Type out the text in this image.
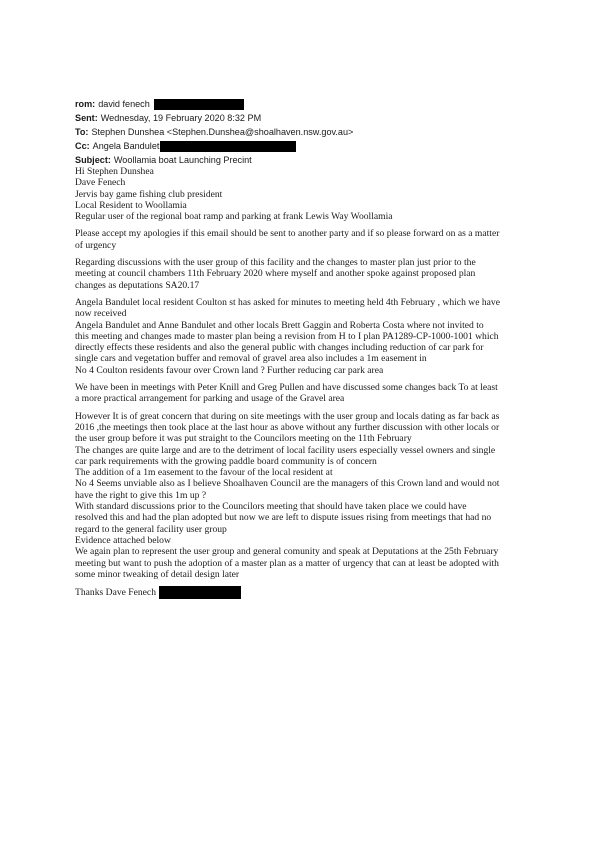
rom: david fenech
Sent: Wednesday, 19 February 2020 8:32 PM
To: Stephen Dunshea <Stephen.Dunshea@shoalhaven.nsw.gov.au>
Cc: Angela Bandulet
Subject: Woollamia boat Launching Precint
Hi Stephen Dunshea
Dave Fenech
Jervis bay game fishing club president
Local Resident to Woollamia
Regular user of the regional boat ramp and parking at frank Lewis Way Woollamia
Please accept my apologies if this email should be sent to another party and if so please forward on as a matter
of urgency
Regarding discussions with the user group of this facility and the changes to master plan just prior to the
meeting at council chambers 11th February 2020 where myself and another spoke against proposed plan
changes as deputations SA20.17
Angela Bandulet local resident Coulton st has asked for minutes to meeting held 4th February , which we have
now received
Angela Bandulet and Anne Bandulet and other locals Brett Gaggin and Roberta Costa where not invited to
this meeting and changes made to master plan being a revision from H to I plan PA1289-CP-1000-1001 which
directly effects these residents and also the general public with changes including reduction of car park for
single cars and vegetation buffer and removal of gravel area also includes a 1m easement in
No 4 Coulton residents favour over Crown land ? Further reducing car park area
We have been in meetings with Peter Knill and Greg Pullen and have discussed some changes back To at least
a more practical arrangement for parking and usage of the Gravel area
However It is of great concern that during on site meetings with the user group and locals dating as far back as
2016 ,the meetings then took place at the last hour as above without any further discussion with other locals or
the user group before it was put straight to the Councilors meeting on the 11th February
The changes are quite large and are to the detriment of local facility users especially vessel owners and single
car park requirements with the growing paddle board community is of concern
The addition of a 1m easement to the favour of the local resident at
No 4 Seems unviable also as I believe Shoalhaven Council are the managers of this Crown land and would not
have the right to give this 1m up ?
With standard discussions prior to the Councilors meeting that should have taken place we could have
resolved this and had the plan adopted but now we are left to dispute issues rising from meetings that had no
regard to the general facility user group
Evidence attached below
We again plan to represent the user group and general comunity and speak at Deputations at the 25th February
meeting but want to push the adoption of a master plan as a matter of urgency that can at least be adopted with
some minor tweaking of detail design later
Thanks Dave Fenech
